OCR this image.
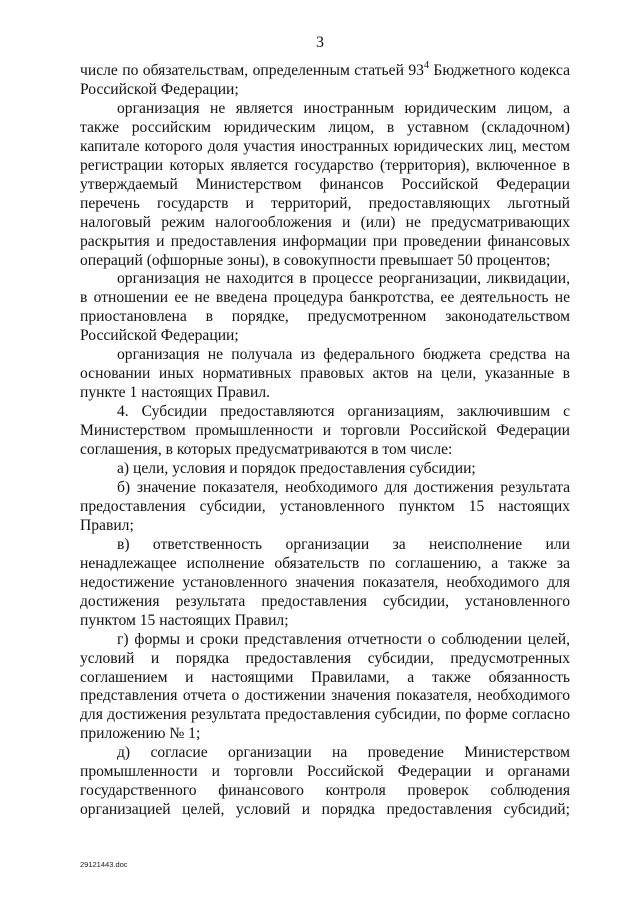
3

числе по обязательствам, определенным статьей $93^4$ Бюджетного кодекса Российской Федерации;

организация не является иностранным юридическим лицом, а также российским юридическим лицом, в уставном (складочном) капитале которого доля участия иностранных юридических лиц, местом регистрации которых является государство (территория), включенное в утверждаемый Министерством финансов Российской Федерации перечень государств и территорий, предоставляющих льготный налоговый режим налогообложения и (или) не предусматривающих раскрытия и предоставления информации при проведении финансовых операций (офшорные зоны), в совокупности превышает 50 процентов;

организация не находится в процессе реорганизации, ликвидации, в отношении ее не введена процедура банкротства, ее деятельность не приостановлена в порядке, предусмотренном законодательством Российской Федерации;

организация не получала из федерального бюджета средства на основании иных нормативных правовых актов на цели, указанные в пункте 1 настоящих Правил.

4. Субсидии предоставляются организациям, заключившим с Министерством промышленности и торговли Российской Федерации соглашения, в которых предусматриваются в том числе:

а) цели, условия и порядок предоставления субсидии;

б) значение показателя, необходимого для достижения результата предоставления субсидии, установленного пунктом 15 настоящих Правил;

в) ответственность организации за неисполнение или ненадлежащее исполнение обязательств по соглашению, а также за недостижение установленного значения показателя, необходимого для достижения результата предоставления субсидии, установленного пунктом 15 настоящих Правил;

г) формы и сроки представления отчетности о соблюдении целей, условий и порядка предоставления субсидии, предусмотренных соглашением и настоящими Правилами, а также обязанность представления отчета о достижении значения показателя, необходимого для достижения результата предоставления субсидии, по форме согласно приложению № 1;

д) согласие организации на проведение Министерством промышленности и торговли Российской Федерации и органами государственного финансового контроля проверок соблюдения организацией целей, условий и порядка предоставления субсидий;

29121443.doc
